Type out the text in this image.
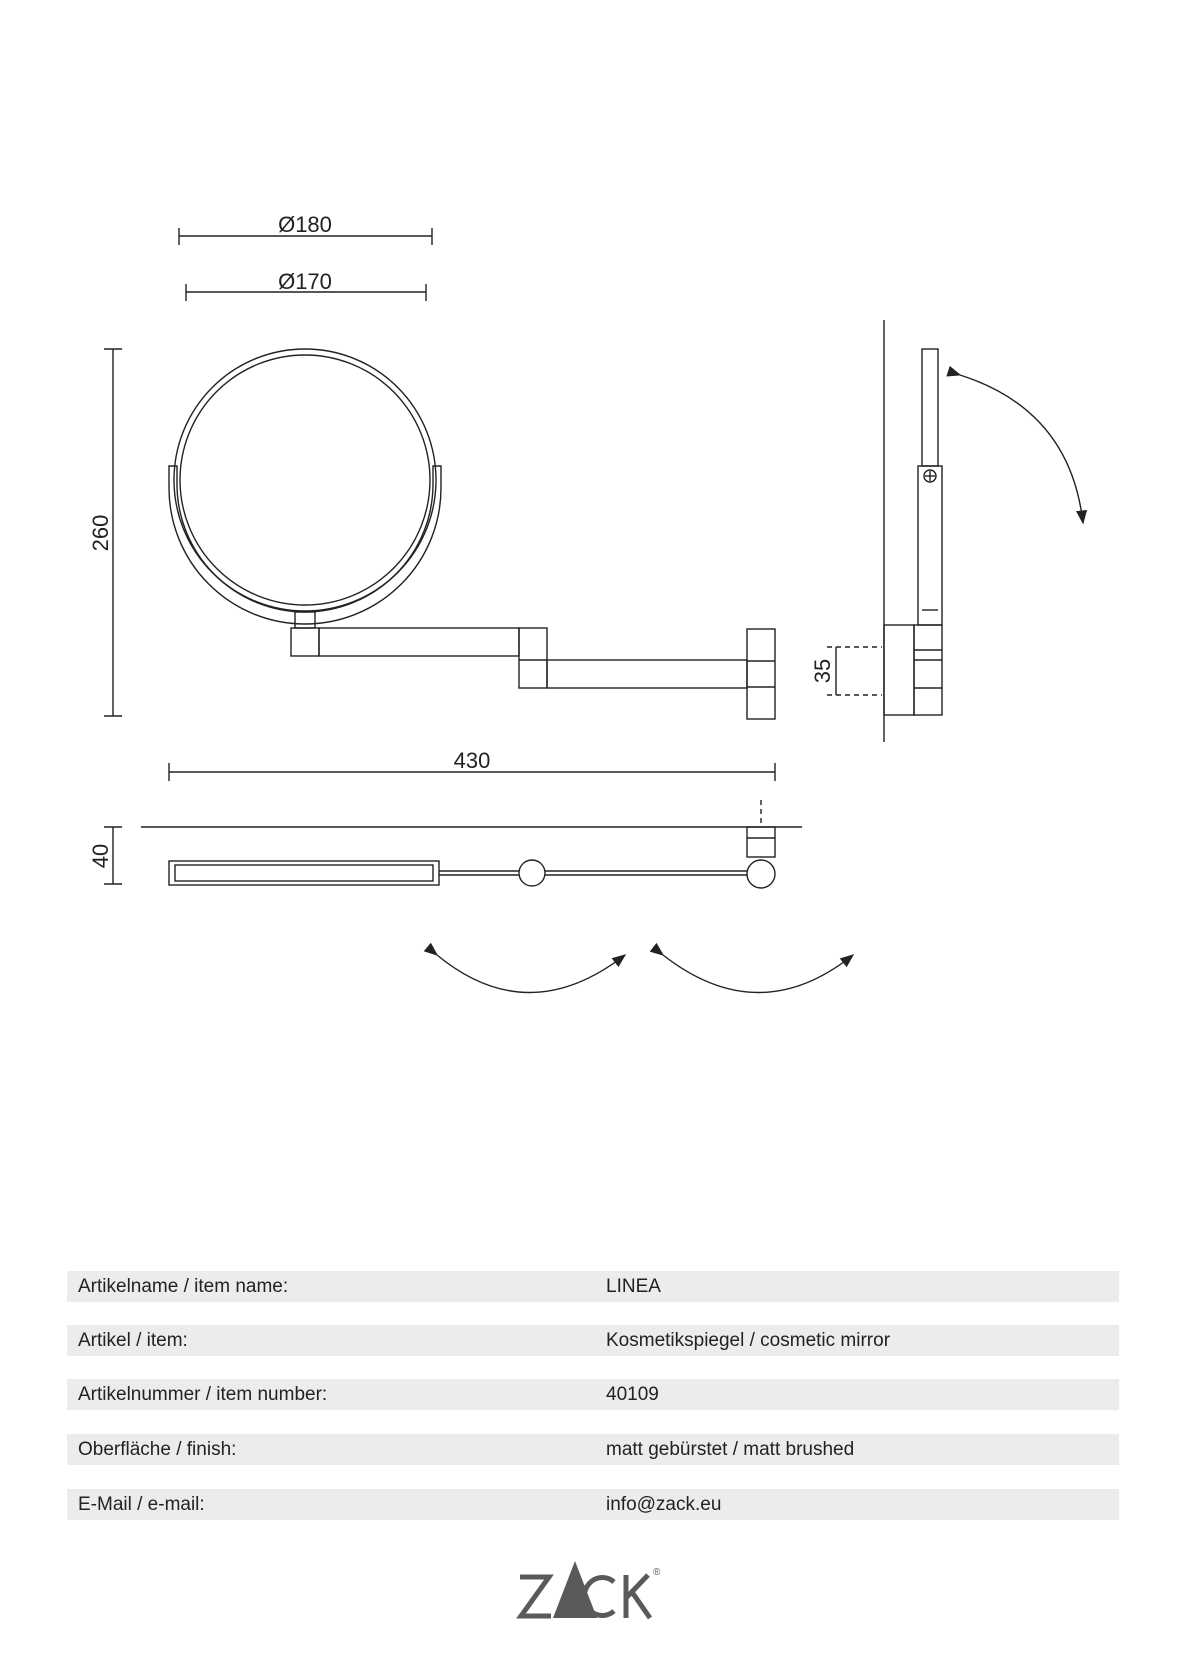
Ø180
Ø170
260
430
40
35
Artikelname / item name:	LINEA
Artikel / item:	Kosmetikspiegel / cosmetic mirror
Artikelnummer / item number:	40109
Oberfläche / finish:	matt gebürstet / matt brushed
E-Mail / e-mail:	info@zack.eu
®
